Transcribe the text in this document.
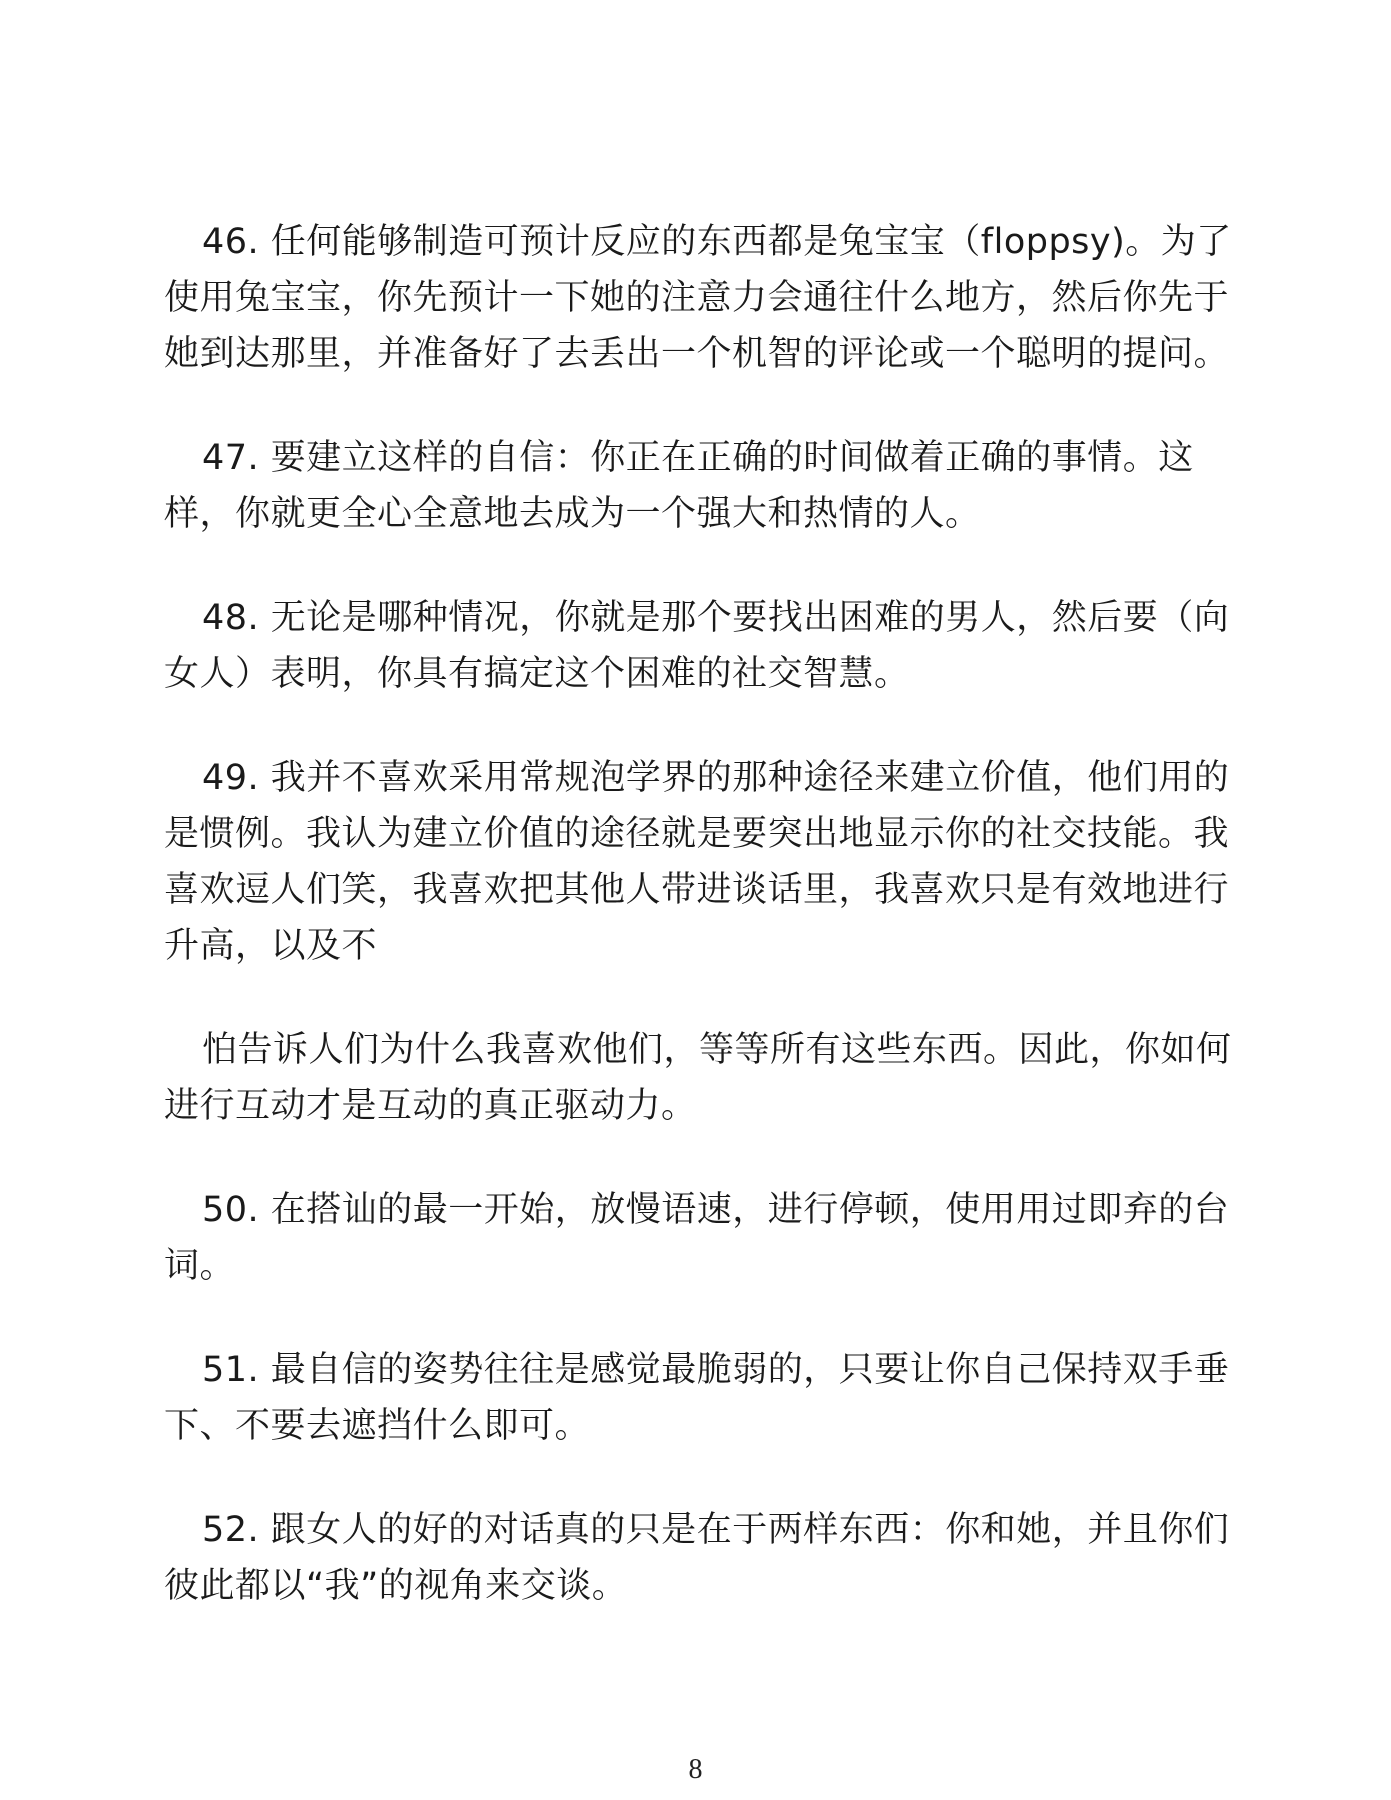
46. 任何能够制造可预计反应的东西都是兔宝宝（floppsy)。为了使用兔宝宝，你先预计一下她的注意力会通往什么地方，然后你先于她到达那里，并准备好了去丢出一个机智的评论或一个聪明的提问。

47. 要建立这样的自信：你正在正确的时间做着正确的事情。这样，你就更全心全意地去成为一个强大和热情的人。

48. 无论是哪种情况，你就是那个要找出困难的男人，然后要（向女人）表明，你具有搞定这个困难的社交智慧。

49. 我并不喜欢采用常规泡学界的那种途径来建立价值，他们用的是惯例。我认为建立价值的途径就是要突出地显示你的社交技能。我喜欢逗人们笑，我喜欢把其他人带进谈话里，我喜欢只是有效地进行升高，以及不

怕告诉人们为什么我喜欢他们，等等所有这些东西。因此，你如何进行互动才是互动的真正驱动力。

50. 在搭讪的最一开始，放慢语速，进行停顿，使用用过即弃的台词。

51. 最自信的姿势往往是感觉最脆弱的，只要让你自己保持双手垂下、不要去遮挡什么即可。

52. 跟女人的好的对话真的只是在于两样东西：你和她，并且你们彼此都以“我”的视角来交谈。

8
